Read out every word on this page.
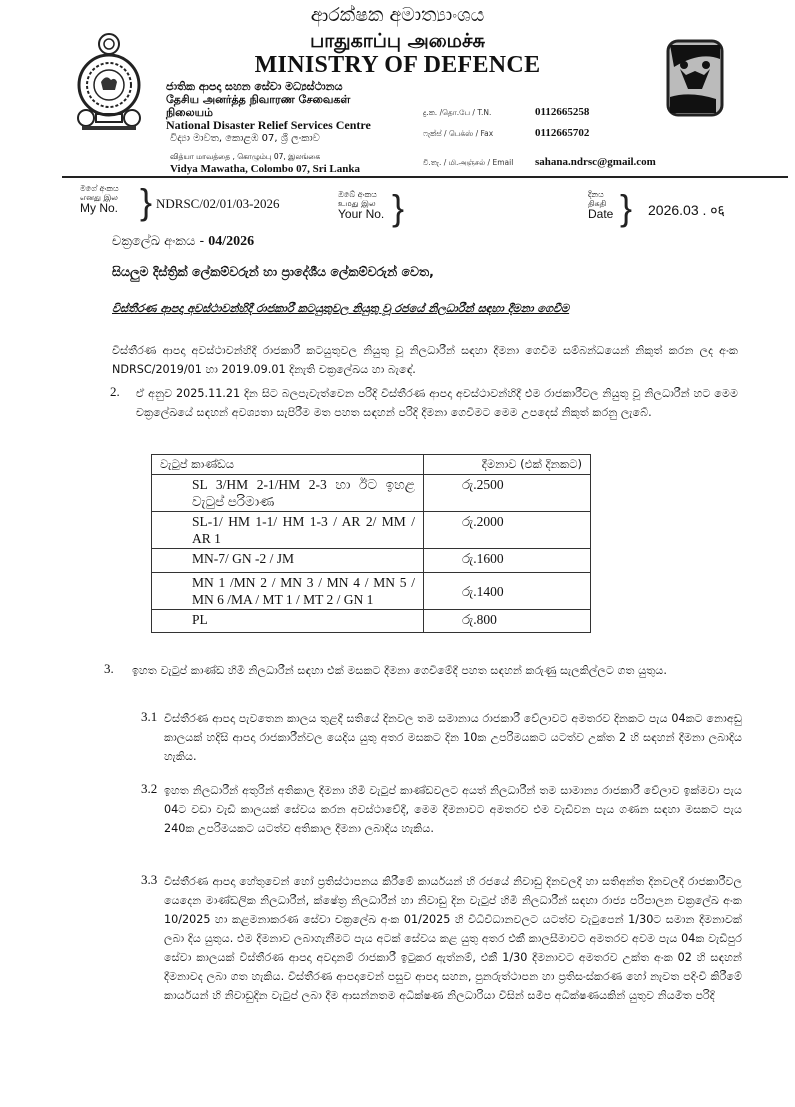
ආරක්ෂක අමාත්‍යාංශය
பாதுகாப்பு அமைச்சு
MINISTRY OF DEFENCE
ජාතික ආපදා සහන සේවා මධ්‍යස්ථානය
தேசிய அனர்த்த நிவாரண சேவைகள்
நிலையம்
National Disaster Relief Services Centre
විද්‍යා මාවත, කොළඹ 07, ශ්‍රී ලංකාව
வித்யா மாவத்தை , கொழும்பு 07, இலங்கை
Vidya Mawatha, Colombo 07, Sri Lanka
දු.ක. /தொ.பே / T.N.	0112665258
ෆැක්ස් / பெக்ஸ் / Fax	0112665702
වි.තැ. / மி.அஞ்சல் / Email sahana.ndrsc@gmail.com
මගේ අංකය
எனது இல
My No. } NDRSC/02/01/03-2026
ඔබේ අංකය
உமது இல
Your No. }	දිනය
திகதி
Date } 2026.03 . ०६
චක්‍රලේඛ අංකය - 04/2026
සියලුම දිස්ත්‍රික් ලේකම්වරුන් හා ප්‍රාදේශීය ලේකම්වරුන් වෙත,
විස්තීරණ ආපදා අවස්ථාවන්හිදී රාජකාරී කටයුතුවල නියුතු වූ රජයේ නිලධාරීන් සඳහා දීමනා ගෙවීම
විස්තීරණ ආපදා අවස්ථාවන්හිදී රාජකාරී කටයුතුවල නියුතු වූ නිලධාරීන් සඳහා දීමනා ගෙවීම සම්බන්ධයෙන් නිකුත් කරන ලද අංක NDRSC/2019/01 හා 2019.09.01 දිනැති චක්‍රලේඛය හා බැඳේ.
2. ඒ අනුව 2025.11.21 දින සිට බලපැවැත්වෙන පරිදි විස්තීරණ ආපදා අවස්ථාවන්හිදී එම රාජකාරීවල නියුතු වූ නිලධාරීන් හට මෙම චක්‍රලේඛයේ සඳහන් අවශ්‍යතා සැපිරීම මත පහත සඳහන් පරිදි දීමනා ගෙවීමට මෙම උපදෙස් නිකුත් කරනු ලැබේ.
වැටුප් කාණ්ඩය	දීමනාව (එක් දිනකට)
SL 3/HM 2-1/HM 2-3 හා ඊට ඉහළ වැටුප් පරිමාණ	රු.2500
SL-1/ HM 1-1/ HM 1-3 / AR 2/ MM / AR 1	රු.2000
MN-7/ GN -2 / JM	රු.1600
MN 1 /MN 2 / MN 3 / MN 4 / MN 5 / MN 6 /MA / MT 1 / MT 2 / GN 1	රු.1400
PL	රු.800
3. ඉහත වැටුප් කාණ්ඩ හිමි නිලධාරීන් සඳහා එක් මසකට දීමනා ගෙවීමේදී පහත සඳහන් කරුණු සැලකිල්ලට ගත යුතුය.
3.1 විස්තීරණ ආපදා පැවතෙන කාලය තුළදී සතියේ දිනවල තම සමානාය රාජකාරී වේලාවට අමතරව දිනකට පැය 04කට නොඅඩු කාලයක් හදිසි ආපදා රාජකාරීන්වල යෙදිය යුතු අතර මසකට දින 10ක උපරිමයකට යටත්ව උක්ත 2 හි සඳහන් දීමනා ලබාදිය හැකිය.
3.2 ඉහත නිලධාරීන් අතුරින් අතිකාල දීමනා හිමි වැටුප් කාණ්ඩවලට අයත් නිලධාරීන් තම සාමාන්‍ය රාජකාරී වේලාව ඉක්මවා පැය 04ට වඩා වැඩි කාලයක් සේවය කරන අවස්ථාවේදී, මෙම දීමනාවට අමතරව එම වැඩිවන පැය ගණන සඳහා මසකට පැය 240ක උපරිමයකට යටත්ව අතිකාල දීමනා ලබාදිය හැකිය.
3.3 විස්තීරණ ආපදා හේතුවෙන් හෝ ප්‍රතිස්ථාපනය කිරීමේ කාර්යයන් හි රජයේ නිවාඩු දිනවලදී හා සතිඅන්ත දිනවලදී රාජකාරීවල යෙදෙන මාණ්ඩලික නිලධාරීන්, ක්ෂේත්‍ර නිලධාරීන් හා නිවාඩු දින වැටුප් හිමි නිලධාරීන් සඳහා රාජ්‍ය පරිපාලන චක්‍රලේඛ අංක 10/2025 හා කළමනාකරණ සේවා චක්‍රලේඛ අංක 01/2025 හි විධිවිධානවලට යටත්ව වැටුපෙන් 1/30ට සමාන දීමනාවක් ලබා දිය යුතුය. එම දීමනාව ලබාගැනීමට පැය අටක් සේවය කළ යුතු අතර එකී කාලසීමාවට අමතරව අවම පැය 04ක වැඩිපුර සේවා කාලයක් විස්තීරණ ආපදා අවදානම් රාජකාරී ඉටුකර ඇත්නම්, එකී 1/30 දීමනාවට අමතරව උක්ත අංක 02 හි සඳහන් දීමනාවද ලබා ගත හැකිය. විස්තීරණ ආපදාවෙන් පසුව ආපදා සහන, පුනරුත්ථාපන හා ප්‍රතිසංස්කරණ හෝ නැවත පදිංචි කිරීමේ කාර්යයන් හි නිවාඩුදින වැටුප් ලබා දීම ආසන්නතම අධීක්ෂණ නිලධාරියා විසින් සමීප අධීක්ෂණයකින් යුතුව නියමිත පරිදි
